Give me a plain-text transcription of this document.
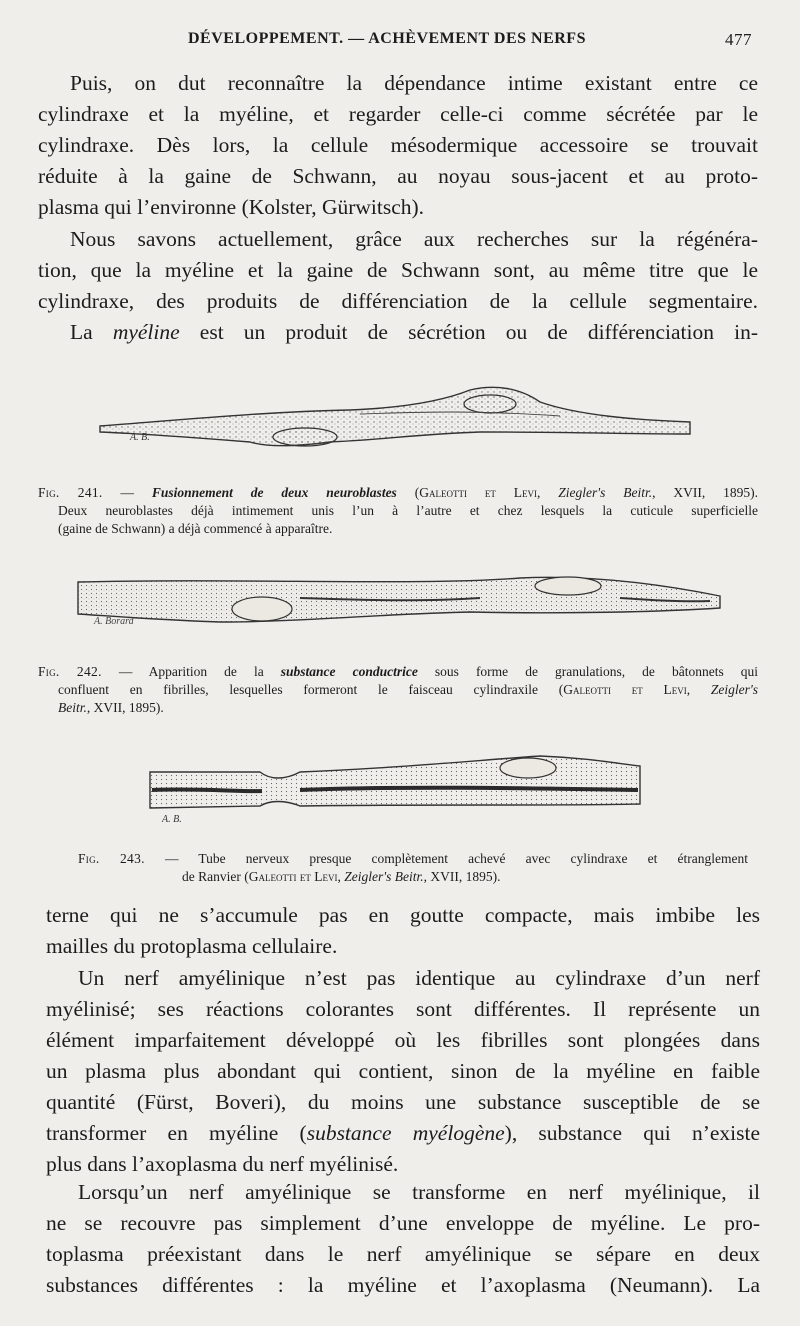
DÉVELOPPEMENT. — ACHÈVEMENT DES NERFS	477
Puis, on dut reconnaître la dépendance intime existant entre ce
cylindraxe et la myéline, et regarder celle-ci comme sécrétée par le
cylindraxe. Dès lors, la cellule mésodermique accessoire se trouvait
réduite à la gaine de Schwann, au noyau sous-jacent et au proto-
plasma qui l’environne (Kolster, Gürwitsch).
Nous savons actuellement, grâce aux recherches sur la régénéra-
tion, que la myéline et la gaine de Schwann sont, au même titre que le
cylindraxe, des produits de différenciation de la cellule segmentaire.
La myéline est un produit de sécrétion ou de différenciation in-
A. B.
Fig. 241. — Fusionnement de deux neuroblastes (Galeotti et Levi, Ziegler's Beitr., XVII, 1895).
Deux neuroblastes déjà intimement unis l’un à l’autre et chez lesquels la cuticule superficielle
(gaine de Schwann) a déjà commencé à apparaître.
A. Borard
Fig. 242. — Apparition de la substance conductrice sous forme de granulations, de bâtonnets qui
confluent en fibrilles, lesquelles formeront le faisceau cylindraxile (Galeotti et Levi, Zeigler's
Beitr., XVII, 1895).
A. B.
Fig. 243. — Tube nerveux presque complètement achevé avec cylindraxe et étranglement
de Ranvier (Galeotti et Levi, Zeigler's Beitr., XVII, 1895).
terne qui ne s’accumule pas en goutte compacte, mais imbibe les
mailles du protoplasma cellulaire.
Un nerf amyélinique n’est pas identique au cylindraxe d’un nerf
myélinisé; ses réactions colorantes sont différentes. Il représente un
élément imparfaitement développé où les fibrilles sont plongées dans
un plasma plus abondant qui contient, sinon de la myéline en faible
quantité (Fürst, Boveri), du moins une substance susceptible de se
transformer en myéline (substance myélogène), substance qui n’existe
plus dans l’axoplasma du nerf myélinisé.
Lorsqu’un nerf amyélinique se transforme en nerf myélinique, il
ne se recouvre pas simplement d’une enveloppe de myéline. Le pro-
toplasma préexistant dans le nerf amyélinique se sépare en deux
substances différentes : la myéline et l’axoplasma (Neumann). La
